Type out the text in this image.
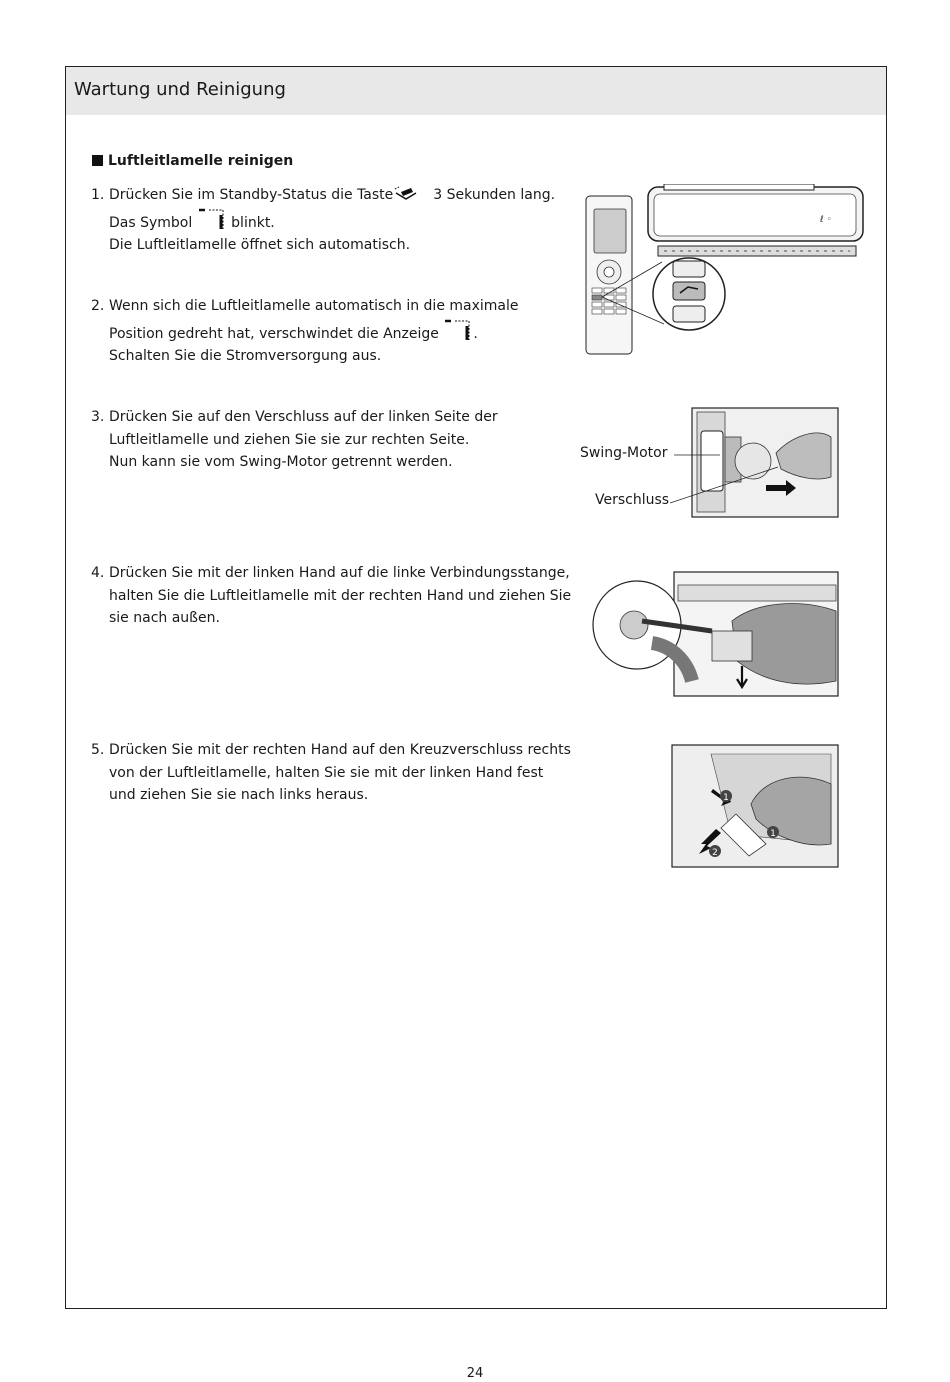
Wartung und Reinigung
Luftleitlamelle reinigen
1. Drücken Sie im Standby-Status die Taste	3 Sekunden lang.
Das Symbol	blinkt.
Die Luftleitlamelle öffnet sich automatisch.
2. Wenn sich die Luftleitlamelle automatisch in die maximale
Position gedreht hat, verschwindet die Anzeige .
Schalten Sie die Stromversorgung aus.
3. Drücken Sie auf den Verschluss auf der linken Seite der
Luftleitlamelle und ziehen Sie sie zur rechten Seite.
Nun kann sie vom Swing-Motor getrennt werden.
4. Drücken Sie mit der linken Hand auf die linke Verbindungsstange,
halten Sie die Luftleitlamelle mit der rechten Hand und ziehen Sie
sie nach außen.
5. Drücken Sie mit der rechten Hand auf den Kreuzverschluss rechts
von der Luftleitlamelle, halten Sie sie mit der linken Hand fest
und ziehen Sie sie nach links heraus.
ℓ ◦
Swing-Motor
Verschluss
1
1
2
24
